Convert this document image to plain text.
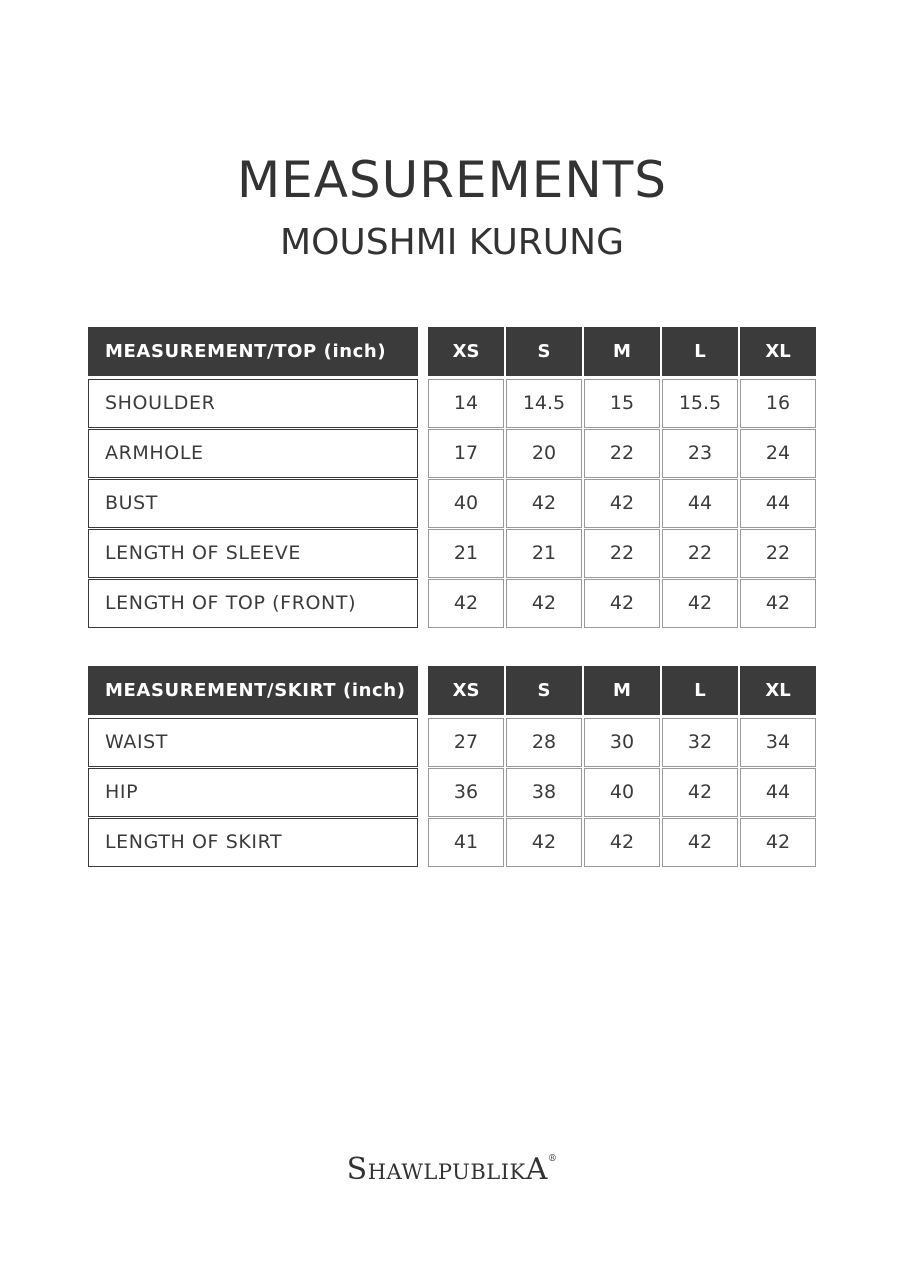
MEASUREMENTS
MOUSHMI KURUNG
MEASUREMENT/TOP (inch)	XS	S	M	L	XL
SHOULDER	14	14.5	15	15.5	16
ARMHOLE	17	20	22	23	24
BUST	40	42	42	44	44
LENGTH OF SLEEVE	21	21	22	22	22
LENGTH OF TOP (FRONT)	42	42	42	42	42
MEASUREMENT/SKIRT (inch)	XS	S	M	L	XL
WAIST	27	28	30	32	34
HIP	36	38	40	42	44
LENGTH OF SKIRT	41	42	42	42	42
SHAWLPUBLIKA®
